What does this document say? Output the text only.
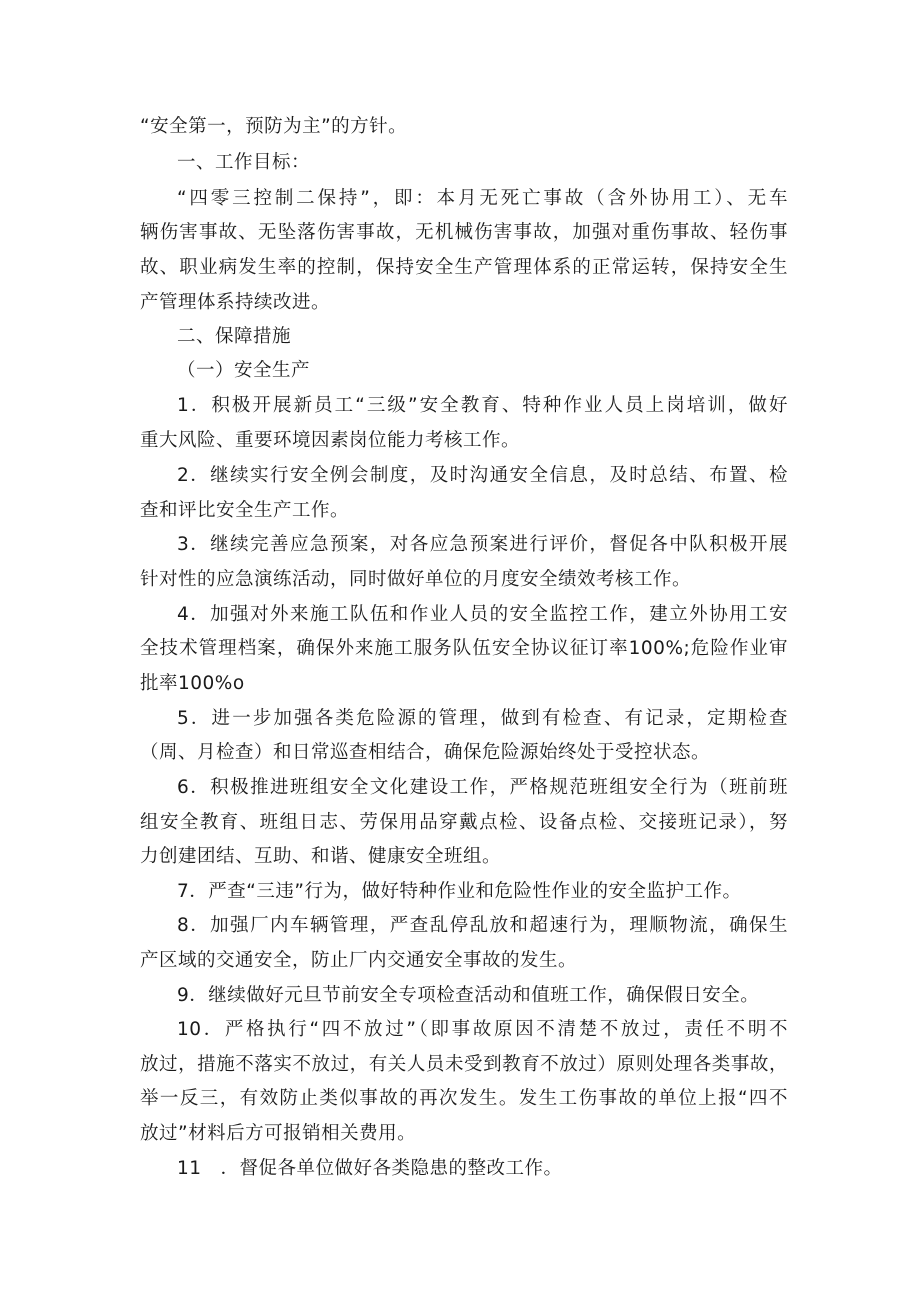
“安全第一，预防为主”的方针。
一、工作目标：
“四零三控制二保持”，即：本月无死亡事故（含外协用工）、无车
辆伤害事故、无坠落伤害事故，无机械伤害事故，加强对重伤事故、轻伤事
故、职业病发生率的控制，保持安全生产管理体系的正常运转，保持安全生
产管理体系持续改进。
二、保障措施
（一）安全生产
1．积极开展新员工“三级”安全教育、特种作业人员上岗培训，做好
重大风险、重要环境因素岗位能力考核工作。
2．继续实行安全例会制度，及时沟通安全信息，及时总结、布置、检
查和评比安全生产工作。
3．继续完善应急预案，对各应急预案进行评价，督促各中队积极开展
针对性的应急演练活动，同时做好单位的月度安全绩效考核工作。
4．加强对外来施工队伍和作业人员的安全监控工作，建立外协用工安
全技术管理档案，确保外来施工服务队伍安全协议征订率100%;危险作业审
批率100%o
5．进一步加强各类危险源的管理，做到有检查、有记录，定期检查
（周、月检查）和日常巡查相结合，确保危险源始终处于受控状态。
6．积极推进班组安全文化建设工作，严格规范班组安全行为（班前班
组安全教育、班组日志、劳保用品穿戴点检、设备点检、交接班记录），努
力创建团结、互助、和谐、健康安全班组。
7．严查“三违”行为，做好特种作业和危险性作业的安全监护工作。
8．加强厂内车辆管理，严查乱停乱放和超速行为，理顺物流，确保生
产区域的交通安全，防止厂内交通安全事故的发生。
9．继续做好元旦节前安全专项检查活动和值班工作，确保假日安全。
10．严格执行“四不放过”（即事故原因不清楚不放过，责任不明不
放过，措施不落实不放过，有关人员未受到教育不放过）原则处理各类事故，
举一反三，有效防止类似事故的再次发生。发生工伤事故的单位上报“四不
放过”材料后方可报销相关费用。
11　．督促各单位做好各类隐患的整改工作。
